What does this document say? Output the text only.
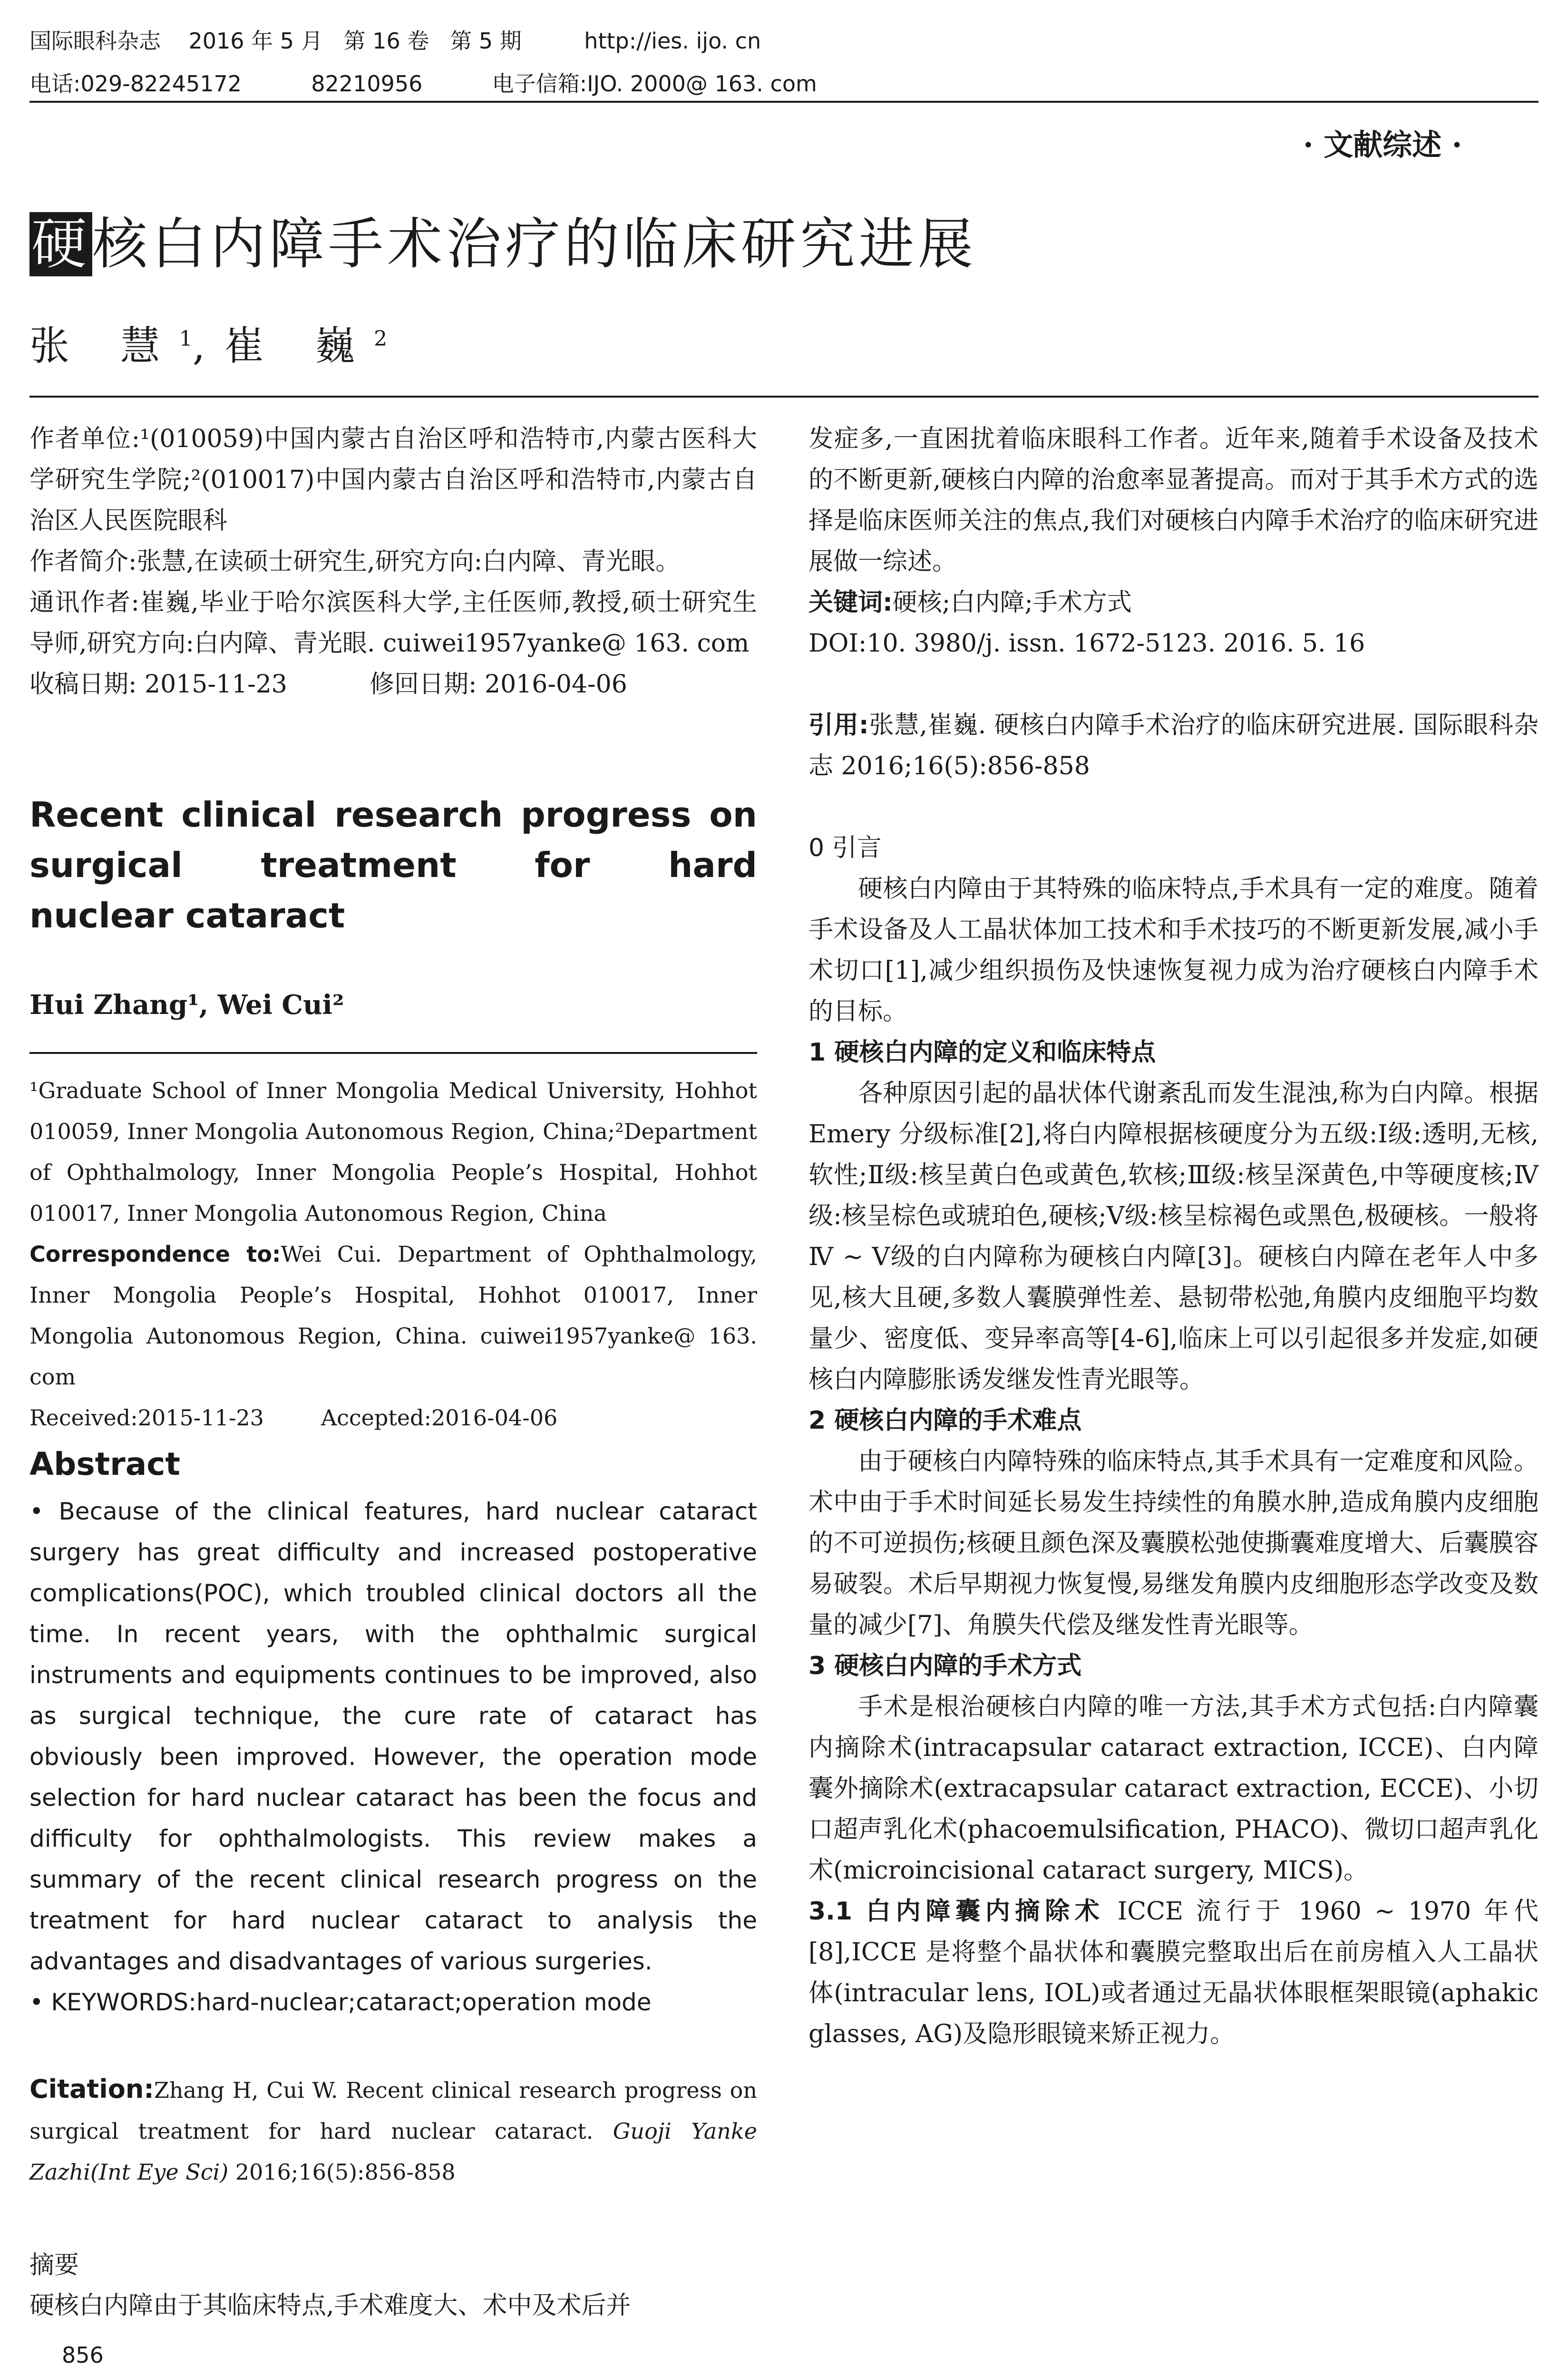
国际眼科杂志    2016 年 5 月   第 16 卷   第 5 期         http://ies. ijo. cn
电话:029-82245172          82210956          电子信箱:IJO. 2000@ 163. com
· 文献综述 ·
硬核白内障手术治疗的临床研究进展
张 慧$^1$,崔 巍$^2$

作者单位:¹(010059)中国内蒙古自治区呼和浩特市,内蒙古医科大学研究生学院;²(010017)中国内蒙古自治区呼和浩特市,内蒙古自治区人民医院眼科

作者简介:张慧,在读硕士研究生,研究方向:白内障、青光眼。

通讯作者:崔巍,毕业于哈尔滨医科大学,主任医师,教授,硕士研究生导师,研究方向:白内障、青光眼. cuiwei1957yanke@ 163. com

收稿日期: 2015-11-23	修回日期: 2016-04-06

Recent clinical research progress on
surgical treatment for hard
nuclear cataract
Hui Zhang¹, Wei Cui²
¹Graduate School of Inner Mongolia Medical University, Hohhot 010059, Inner Mongolia Autonomous Region, China;²Department of Ophthalmology, Inner Mongolia People’s Hospital, Hohhot 010017, Inner Mongolia Autonomous Region, China
Correspondence to:Wei Cui. Department of Ophthalmology, Inner Mongolia People’s Hospital, Hohhot 010017, Inner Mongolia Autonomous Region, China. cuiwei1957yanke@ 163. com
Received:2015-11-23	Accepted:2016-04-06
Abstract
• Because of the clinical features, hard nuclear cataract surgery has great difficulty and increased postoperative complications(POC), which troubled clinical doctors all the time. In recent years, with the ophthalmic surgical instruments and equipments continues to be improved, also as surgical technique, the cure rate of cataract has obviously been improved. However, the operation mode selection for hard nuclear cataract has been the focus and difficulty for ophthalmologists. This review makes a summary of the recent clinical research progress on the treatment for hard nuclear cataract to analysis the advantages and disadvantages of various surgeries.
• KEYWORDS:hard-nuclear;cataract;operation mode
Citation:Zhang H, Cui W. Recent clinical research progress on surgical treatment for hard nuclear cataract. Guoji Yanke Zazhi(Int Eye Sci) 2016;16(5):856-858
摘要
硬核白内障由于其临床特点,手术难度大、术中及术后并
856

发症多,一直困扰着临床眼科工作者。近年来,随着手术设备及技术的不断更新,硬核白内障的治愈率显著提高。而对于其手术方式的选择是临床医师关注的焦点,我们对硬核白内障手术治疗的临床研究进展做一综述。

关键词:硬核;白内障;手术方式

DOI:10. 3980/j. issn. 1672-5123. 2016. 5. 16

引用:张慧,崔巍. 硬核白内障手术治疗的临床研究进展. 国际眼科杂志 2016;16(5):856-858

0 引言

硬核白内障由于其特殊的临床特点,手术具有一定的难度。随着手术设备及人工晶状体加工技术和手术技巧的不断更新发展,减小手术切口[1],减少组织损伤及快速恢复视力成为治疗硬核白内障手术的目标。

1 硬核白内障的定义和临床特点

各种原因引起的晶状体代谢紊乱而发生混浊,称为白内障。根据 Emery 分级标准[2],将白内障根据核硬度分为五级:Ⅰ级:透明,无核,软性;Ⅱ级:核呈黄白色或黄色,软核;Ⅲ级:核呈深黄色,中等硬度核;Ⅳ级:核呈棕色或琥珀色,硬核;Ⅴ级:核呈棕褐色或黑色,极硬核。一般将Ⅳ ~ Ⅴ级的白内障称为硬核白内障[3]。硬核白内障在老年人中多见,核大且硬,多数人囊膜弹性差、悬韧带松弛,角膜内皮细胞平均数量少、密度低、变异率高等[4-6],临床上可以引起很多并发症,如硬核白内障膨胀诱发继发性青光眼等。

2 硬核白内障的手术难点

由于硬核白内障特殊的临床特点,其手术具有一定难度和风险。术中由于手术时间延长易发生持续性的角膜水肿,造成角膜内皮细胞的不可逆损伤;核硬且颜色深及囊膜松弛使撕囊难度增大、后囊膜容易破裂。术后早期视力恢复慢,易继发角膜内皮细胞形态学改变及数量的减少[7]、角膜失代偿及继发性青光眼等。

3 硬核白内障的手术方式

手术是根治硬核白内障的唯一方法,其手术方式包括:白内障囊内摘除术(intracapsular cataract extraction, ICCE)、白内障囊外摘除术(extracapsular cataract extraction, ECCE)、小切口超声乳化术(phacoemulsification, PHACO)、微切口超声乳化术(microincisional cataract surgery, MICS)。

3.1 白内障囊内摘除术 ICCE 流行于 1960 ~ 1970 年代[8],ICCE 是将整个晶状体和囊膜完整取出后在前房植入人工晶状体(intracular lens, IOL)或者通过无晶状体眼框架眼镜(aphakic glasses, AG)及隐形眼镜来矫正视力。
